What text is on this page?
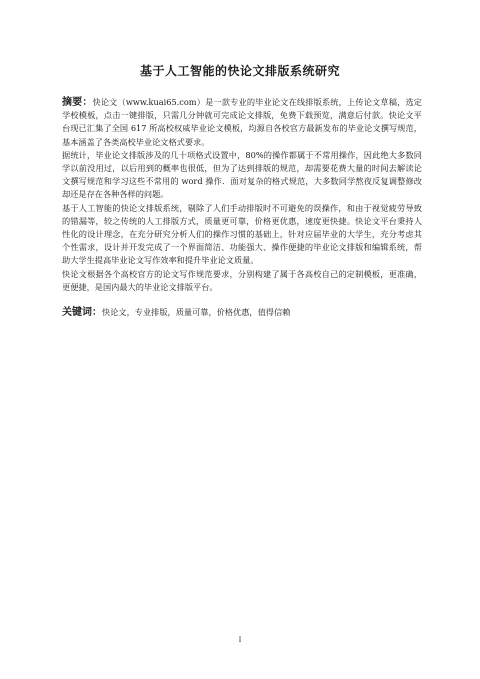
基于人工智能的快论文排版系统研究

摘要：快论文（www.kuai65.com）是一款专业的毕业论文在线排版系统，上传论文草稿，选定学校模板，点击一键排版，只需几分钟就可完成论文排版，免费下载预览，满意后付款。快论文平台现已汇集了全国 617 所高校权威毕业论文模板，均源自各校官方最新发布的毕业论文撰写规范，基本涵盖了各类高校毕业论文格式要求。

据统计，毕业论文排版涉及的几十项格式设置中，80%的操作都属于不常用操作，因此绝大多数同学以前没用过，以后用到的概率也很低，但为了达到排版的规范，却需要花费大量的时间去解读论文撰写规范和学习这些不常用的 word 操作．面对复杂的格式规范，大多数同学熬夜反复调整修改却还是存在各种各样的问题。

基于人工智能的快论文排版系统，剔除了人们手动排版时不可避免的误操作，和由于视觉疲劳导致的错漏等，较之传统的人工排版方式，质量更可靠，价格更优惠，速度更快捷。快论文平台秉持人性化的设计理念，在充分研究分析人们的操作习惯的基础上，针对应届毕业的大学生，充分考虑其个性需求，设计并开发完成了一个界面简洁、功能强大、操作便捷的毕业论文排版和编辑系统，帮助大学生提高毕业论文写作效率和提升毕业论文质量。

快论文根据各个高校官方的论文写作规范要求，分别构建了属于各高校自己的定制模板，更准确，更便捷，是国内最大的毕业论文排版平台。

关键词：快论文，专业排版，质量可靠，价格优惠，值得信赖

I
